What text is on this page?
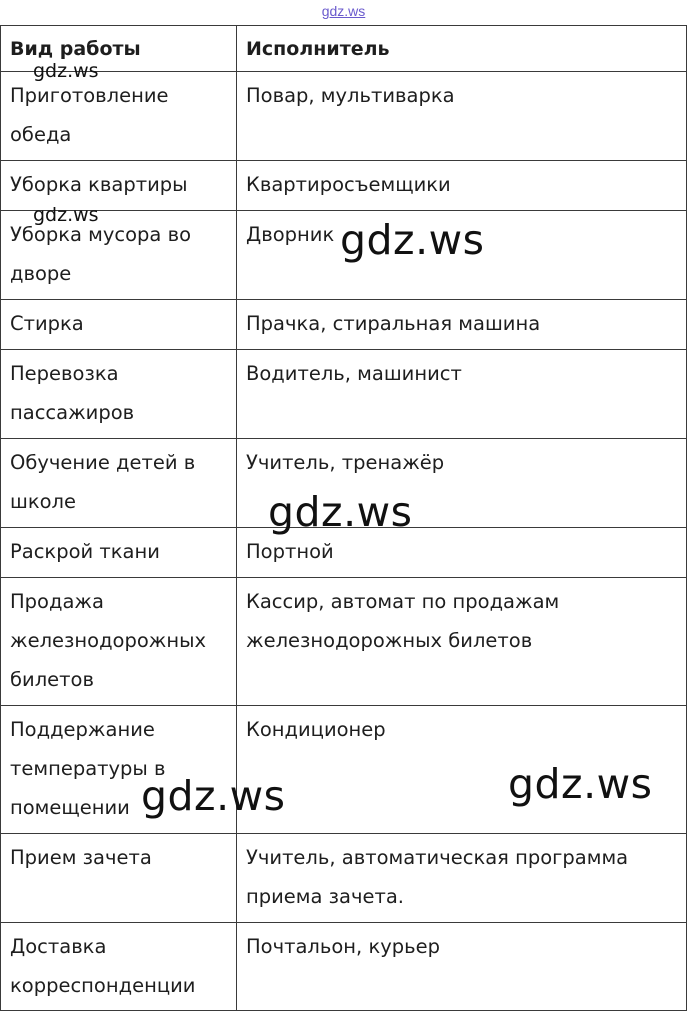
gdz.ws
Вид работы	Исполнитель
Приготовление обеда	Повар, мультиварка
Уборка квартиры	Квартиросъемщики
Уборка мусора во дворе	Дворник
Стирка	Прачка, стиральная машина
Перевозка пассажиров	Водитель, машинист
Обучение детей в школе	Учитель, тренажёр
Раскрой ткани	Портной
Продажа железнодорожных билетов	Кассир, автомат по продажам железнодорожных билетов
Поддержание температуры в помещении	Кондиционер
Прием зачета	Учитель, автоматическая программа приема зачета.
Доставка корреспонденции	Почтальон, курьер
gdz.ws
gdz.ws
gdz.ws
gdz.ws
gdz.ws
gdz.ws
